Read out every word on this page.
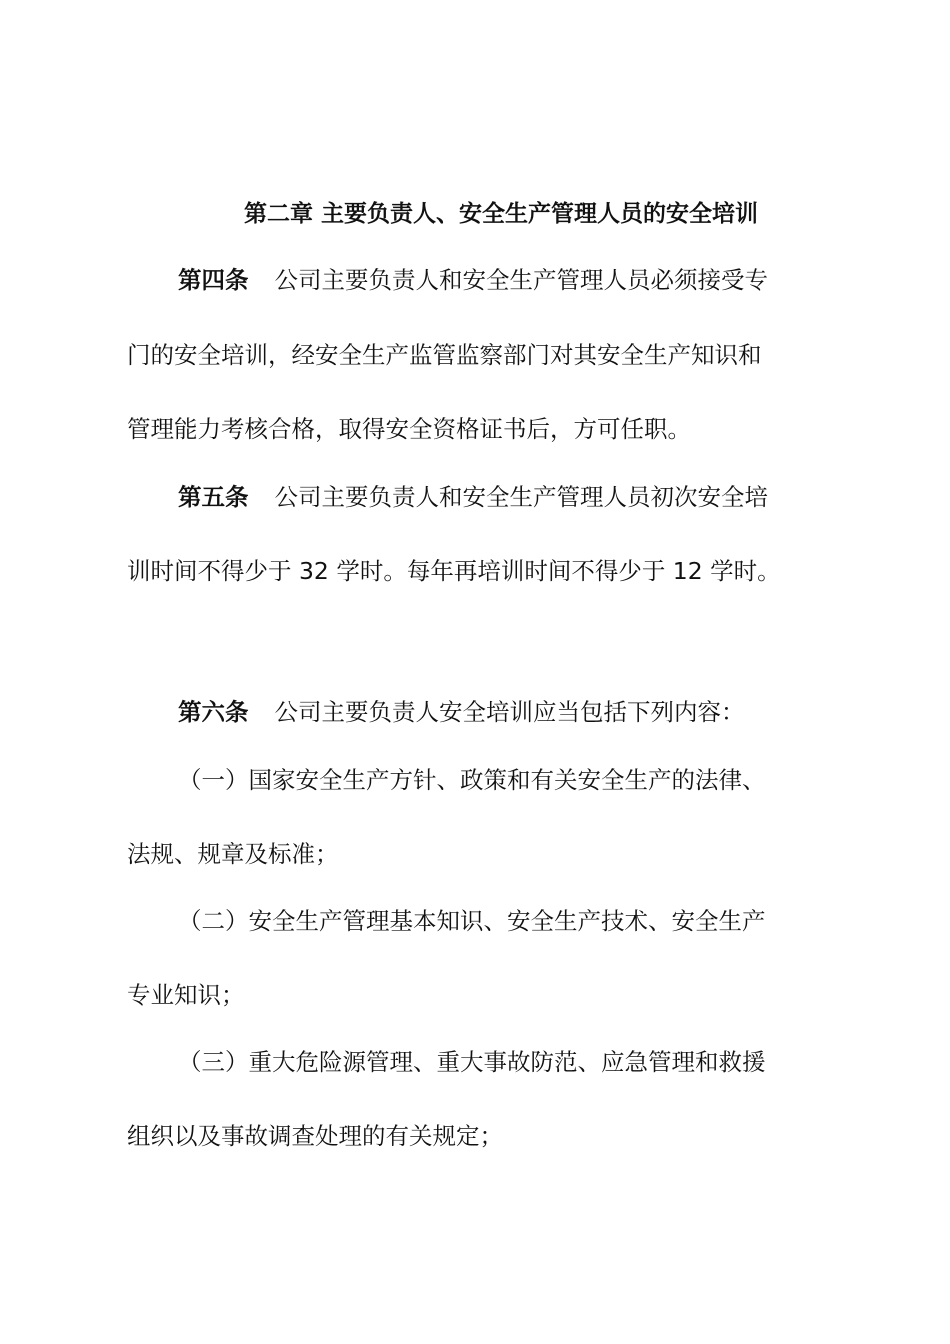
第二章 主要负责人、安全生产管理人员的安全培训
第四条 公司主要负责人和安全生产管理人员必须接受专
门的安全培训，经安全生产监管监察部门对其安全生产知识和
管理能力考核合格，取得安全资格证书后，方可任职。
第五条 公司主要负责人和安全生产管理人员初次安全培
训时间不得少于 32 学时。每年再培训时间不得少于 12 学时。
第六条 公司主要负责人安全培训应当包括下列内容：
（一）国家安全生产方针、政策和有关安全生产的法律、
法规、规章及标准；
（二）安全生产管理基本知识、安全生产技术、安全生产
专业知识；
（三）重大危险源管理、重大事故防范、应急管理和救援
组织以及事故调查处理的有关规定；
